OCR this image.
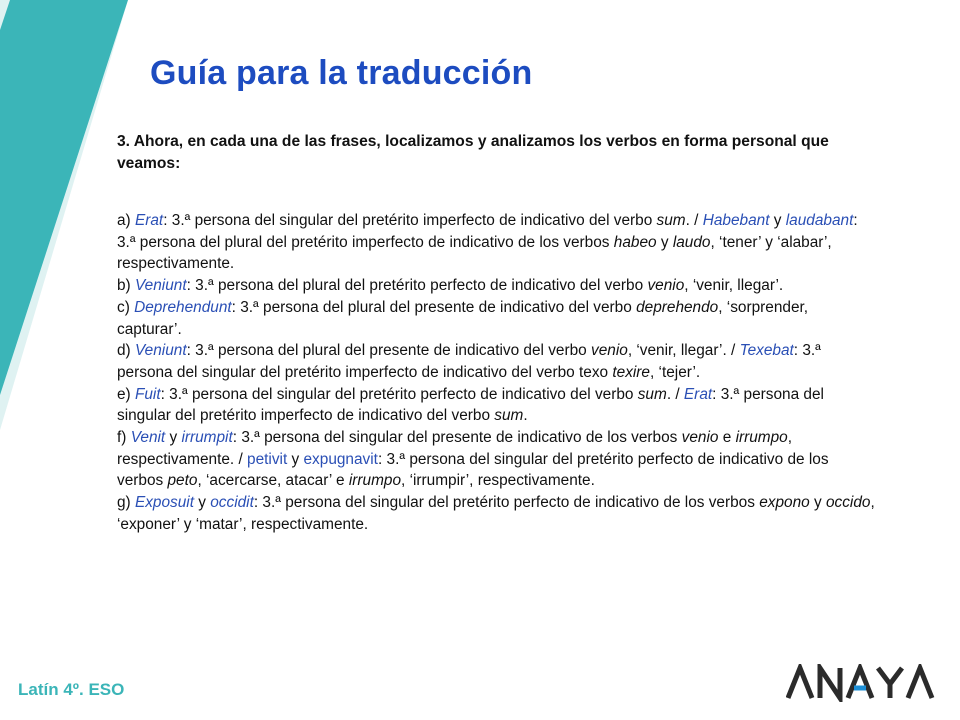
Guía para la traducción
3. Ahora, en cada una de las frases, localizamos y analizamos los verbos en forma personal que veamos:

a) Erat: 3.ª persona del singular del pretérito imperfecto de indicativo del verbo sum. / Habebant y laudabant: 3.ª persona del plural del pretérito imperfecto de indicativo de los verbos habeo y laudo, ‘tener’ y ‘alabar’, respectivamente.

b) Veniunt: 3.ª persona del plural del pretérito perfecto de indicativo del verbo venio, ‘venir, llegar’.

c) Deprehendunt: 3.ª persona del plural del presente de indicativo del verbo deprehendo, ‘sorprender, capturar’.

d) Veniunt: 3.ª persona del plural del presente de indicativo del verbo venio, ‘venir, llegar’. / Texebat: 3.ª persona del singular del pretérito imperfecto de indicativo del verbo texo texire, ‘tejer’.

e) Fuit: 3.ª persona del singular del pretérito perfecto de indicativo del verbo sum. / Erat: 3.ª persona del singular del pretérito imperfecto de indicativo del verbo sum.

f) Venit y irrumpit: 3.ª persona del singular del presente de indicativo de los verbos venio e irrumpo, respectivamente. / petivit y expugnavit: 3.ª persona del singular del pretérito perfecto de indicativo de los verbos peto, ‘acercarse, atacar’ e irrumpo, ‘irrumpir’, respectivamente.

g) Exposuit y occidit: 3.ª persona del singular del pretérito perfecto de indicativo de los verbos expono y occido, ‘exponer’ y ‘matar’, respectivamente.

Latín 4º. ESO
